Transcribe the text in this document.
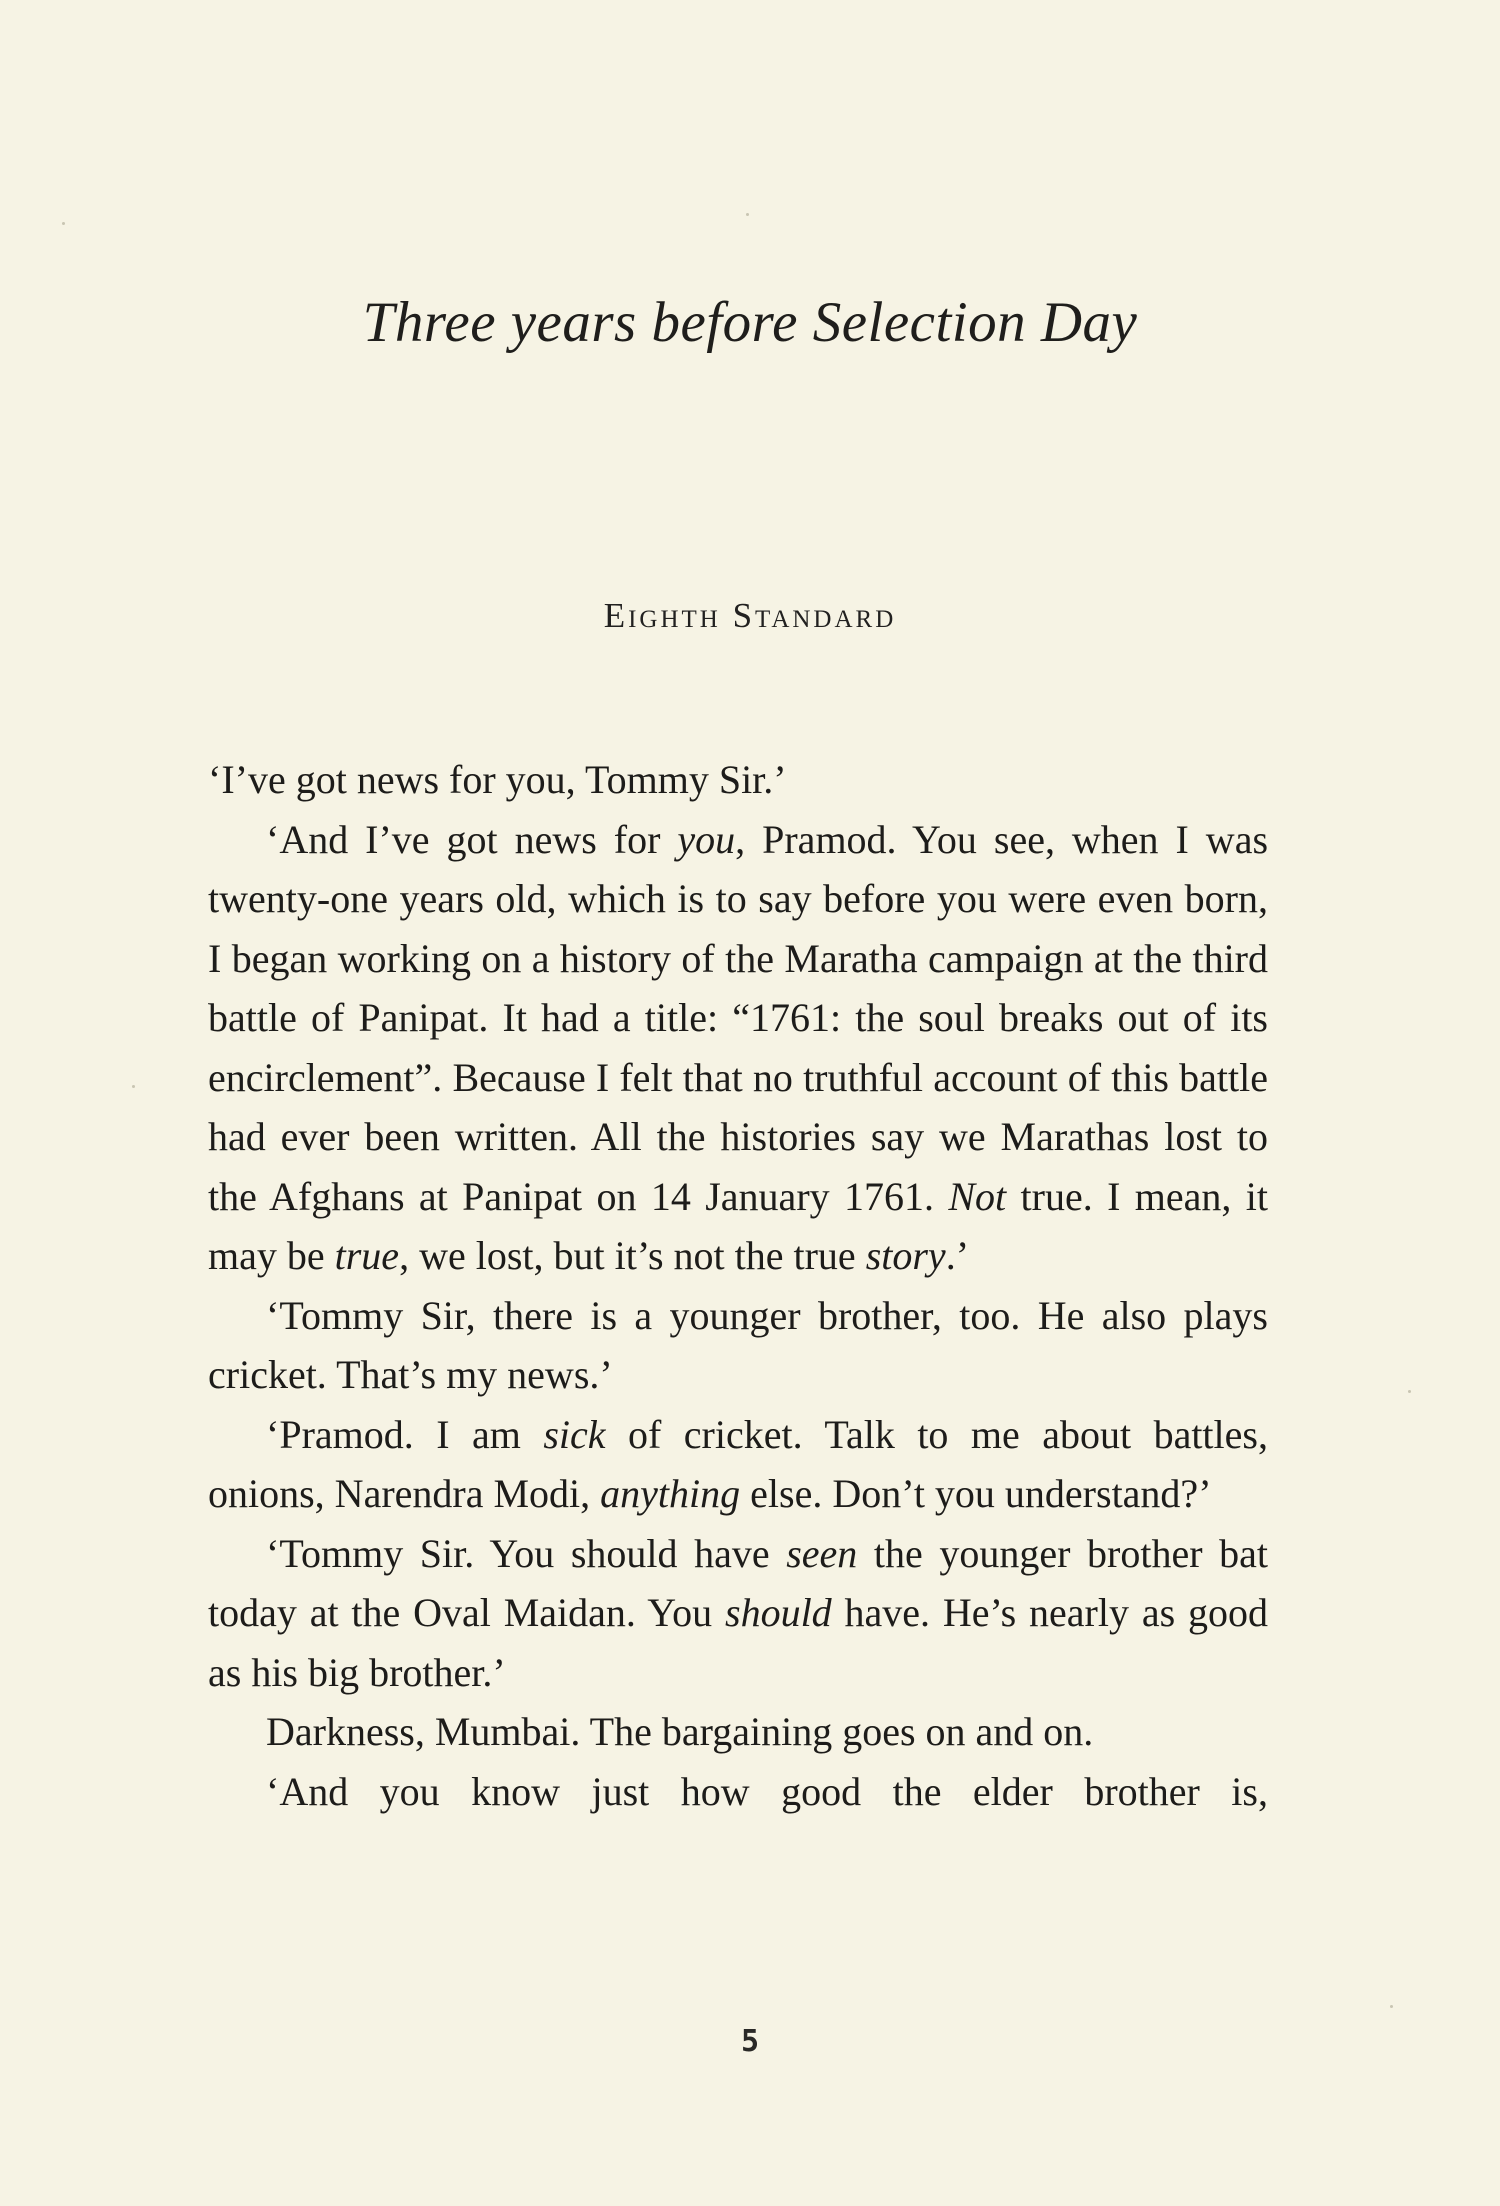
Three years before Selection Day
Eighth Standard

‘I’ve got news for you, Tommy Sir.’

‘And I’ve got news for you, Pramod. You see, when I was twenty-one years old, which is to say before you were even born, I began working on a history of the Maratha campaign at the third battle of Panipat. It had a title: “1761: the soul breaks out of its encirclement”. Because I felt that no truthful account of this battle had ever been written. All the histories say we Marathas lost to the Afghans at Panipat on 14 January 1761. Not true. I mean, it may be true, we lost, but it’s not the true story.’

‘Tommy Sir, there is a younger brother, too. He also plays cricket. That’s my news.’

‘Pramod. I am sick of cricket. Talk to me about battles, onions, Narendra Modi, anything else. Don’t you understand?’

‘Tommy Sir. You should have seen the younger brother bat today at the Oval Maidan. You should have. He’s nearly as good as his big brother.’

Darkness, Mumbai. The bargaining goes on and on.

‘And you know just how good the elder brother is,

5
